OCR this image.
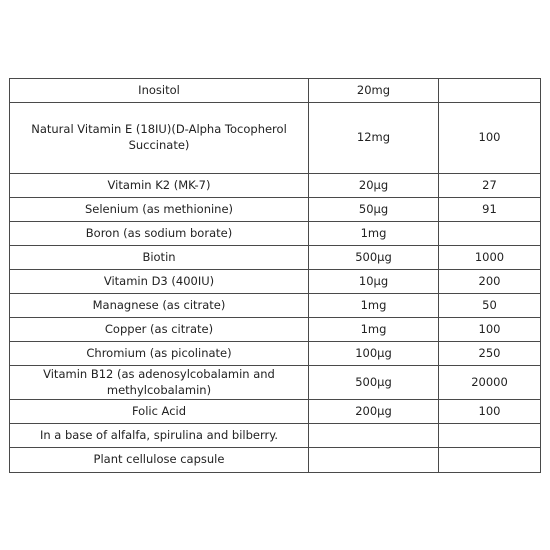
Inositol	20mg	
Natural Vitamin E (18IU)(D-Alpha Tocopherol Succinate)	12mg	100
Vitamin K2 (MK-7)	20µg	27
Selenium (as methionine)	50µg	91
Boron (as sodium borate)	1mg	
Biotin	500µg	1000
Vitamin D3 (400IU)	10µg	200
Managnese (as citrate)	1mg	50
Copper (as citrate)	1mg	100
Chromium (as picolinate)	100µg	250
Vitamin B12 (as adenosylcobalamin and methylcobalamin)	500µg	20000
Folic Acid	200µg	100
In a base of alfalfa, spirulina and bilberry.		
Plant cellulose capsule		
